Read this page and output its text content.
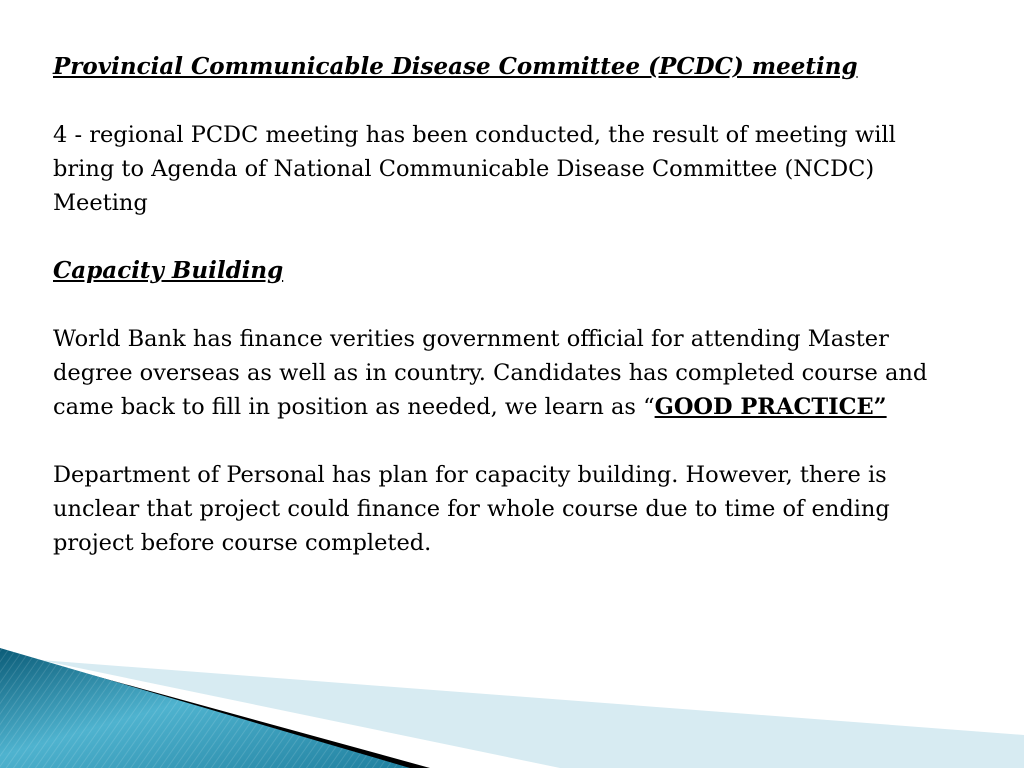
Provincial Communicable Disease Committee (PCDC) meeting

4 - regional PCDC meeting has been conducted, the result of meeting will
bring to Agenda of National Communicable Disease Committee (NCDC)
Meeting

Capacity Building

World Bank has finance verities government official for attending Master
degree overseas as well as in country. Candidates has completed course and
came back to fill in position as needed, we learn as “GOOD PRACTICE”

Department of Personal has plan for capacity building. However, there is
unclear that project could finance for whole course due to time of ending
project before course completed.
